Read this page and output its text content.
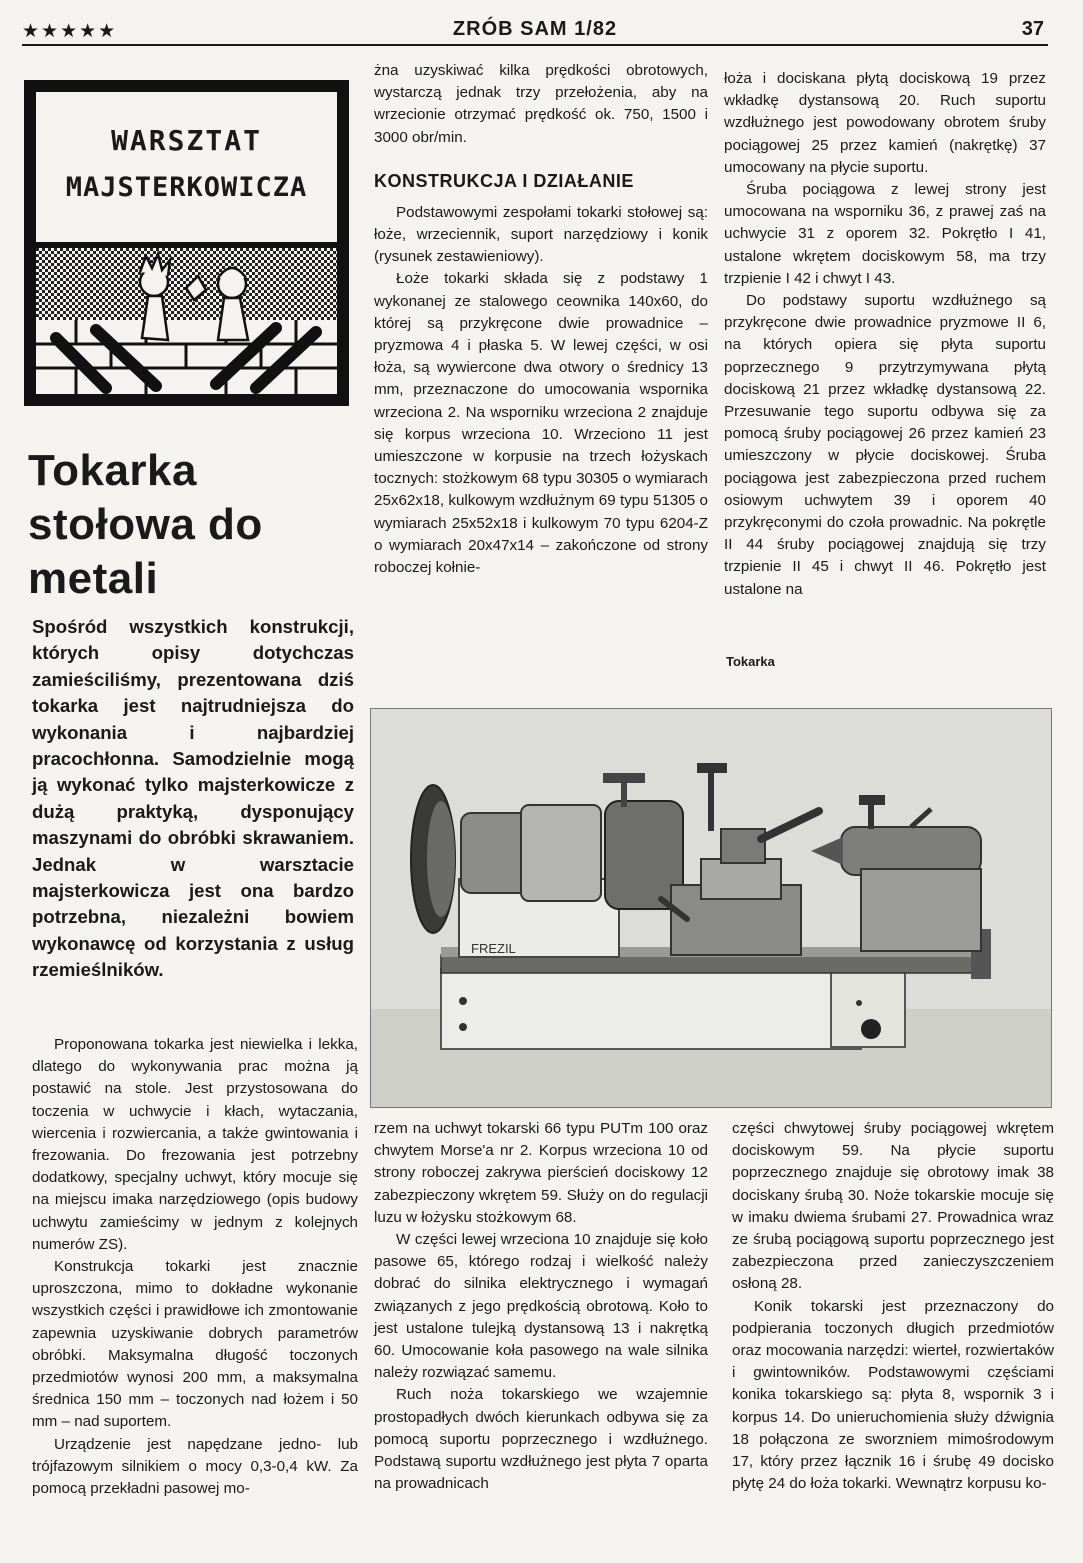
★★★★★	ZRÓB SAM 1/82	37
WARSZTAT
MAJSTERKOWICZA
Tokarka stołowa do metali

Spośród wszystkich konstrukcji, których opisy dotychczas zamieściliśmy, prezentowana dziś tokarka jest najtrudniejsza do wykonania i najbardziej pracochłonna. Samodzielnie mogą ją wykonać tylko majsterkowicze z dużą praktyką, dysponujący maszynami do obróbki skrawaniem. Jednak w warsztacie majsterkowicza jest ona bardzo potrzebna, niezależni bowiem wykonawcę od korzystania z usług rzemieślników.

Proponowana tokarka jest niewielka i lekka, dlatego do wykonywania prac można ją postawić na stole. Jest przystosowana do toczenia w uchwycie i kłach, wytaczania, wiercenia i rozwiercania, a także gwintowania i frezowania. Do frezowania jest potrzebny dodatkowy, specjalny uchwyt, który mocuje się na miejscu imaka narzędziowego (opis budowy uchwytu zamieścimy w jednym z kolejnych numerów ZS).

Konstrukcja tokarki jest znacznie uproszczona, mimo to dokładne wykonanie wszystkich części i prawidłowe ich zmontowanie zapewnia uzyskiwanie dobrych parametrów obróbki. Maksymalna długość toczonych przedmiotów wynosi 200 mm, a maksymalna średnica 150 mm – toczonych nad łożem i 50 mm – nad suportem.

Urządzenie jest napędzane jedno- lub trójfazowym silnikiem o mocy 0,3-0,4 kW. Za pomocą przekładni pasowej mo-

żna uzyskiwać kilka prędkości obrotowych, wystarczą jednak trzy przełożenia, aby na wrzecionie otrzymać prędkość ok. 750, 1500 i 3000 obr/min.

KONSTRUKCJA I DZIAŁANIE

Podstawowymi zespołami tokarki stołowej są: łoże, wrzeciennik, suport narzędziowy i konik (rysunek zestawieniowy).

Łoże tokarki składa się z podstawy 1 wykonanej ze stalowego ceownika 140x60, do której są przykręcone dwie prowadnice – pryzmowa 4 i płaska 5. W lewej części, w osi łoża, są wywiercone dwa otwory o średnicy 13 mm, przeznaczone do umocowania wspornika wrzeciona 2. Na wsporniku wrzeciona 2 znajduje się korpus wrzeciona 10. Wrzeciono 11 jest umieszczone w korpusie na trzech łożyskach tocznych: stożkowym 68 typu 30305 o wymiarach 25x62x18, kulkowym wzdłużnym 69 typu 51305 o wymiarach 25x52x18 i kulkowym 70 typu 6204-Z o wymiarach 20x47x14 – zakończone od strony roboczej kołnie-

łoża i dociskana płytą dociskową 19 przez wkładkę dystansową 20. Ruch suportu wzdłużnego jest powodowany obrotem śruby pociągowej 25 przez kamień (nakrętkę) 37 umocowany na płycie suportu.

Śruba pociągowa z lewej strony jest umocowana na wsporniku 36, z prawej zaś na uchwycie 31 z oporem 32. Pokrętło I 41, ustalone wkrętem dociskowym 58, ma trzy trzpienie I 42 i chwyt I 43.

Do podstawy suportu wzdłużnego są przykręcone dwie prowadnice pryzmowe II 6, na których opiera się płyta suportu poprzecznego 9 przytrzymywana płytą dociskową 21 przez wkładkę dystansową 22. Przesuwanie tego suportu odbywa się za pomocą śruby pociągowej 26 przez kamień 23 umieszczony w płycie dociskowej. Śruba pociągowa jest zabezpieczona przed ruchem osiowym uchwytem 39 i oporem 40 przykręconymi do czoła prowadnic. Na pokrętle II 44 śruby pociągowej znajdują się trzy trzpienie II 45 i chwyt II 46. Pokrętło jest ustalone na

Tokarka
FREZIL

rzem na uchwyt tokarski 66 typu PUTm 100 oraz chwytem Morse'a nr 2. Korpus wrzeciona 10 od strony roboczej zakrywa pierścień dociskowy 12 zabezpieczony wkrętem 59. Służy on do regulacji luzu w łożysku stożkowym 68.

W części lewej wrzeciona 10 znajduje się koło pasowe 65, którego rodzaj i wielkość należy dobrać do silnika elektrycznego i wymagań związanych z jego prędkością obrotową. Koło to jest ustalone tulejką dystansową 13 i nakrętką 60. Umocowanie koła pasowego na wale silnika należy rozwiązać samemu.

Ruch noża tokarskiego we wzajemnie prostopadłych dwóch kierunkach odbywa się za pomocą suportu poprzecznego i wzdłużnego. Podstawą suportu wzdłużnego jest płyta 7 oparta na prowadnicach

części chwytowej śruby pociągowej wkrętem dociskowym 59. Na płycie suportu poprzecznego znajduje się obrotowy imak 38 dociskany śrubą 30. Noże tokarskie mocuje się w imaku dwiema śrubami 27. Prowadnica wraz ze śrubą pociągową suportu poprzecznego jest zabezpieczona przed zanieczyszczeniem osłoną 28.

Konik tokarski jest przeznaczony do podpierania toczonych długich przedmiotów oraz mocowania narzędzi: wierteł, rozwiertaków i gwintowników. Podstawowymi częściami konika tokarskiego są: płyta 8, wspornik 3 i korpus 14. Do unieruchomienia służy dźwignia 18 połączona ze sworzniem mimośrodowym 17, który przez łącznik 16 i śrubę 49 docisko płytę 24 do łoża tokarki. Wewnątrz korpusu ko-
